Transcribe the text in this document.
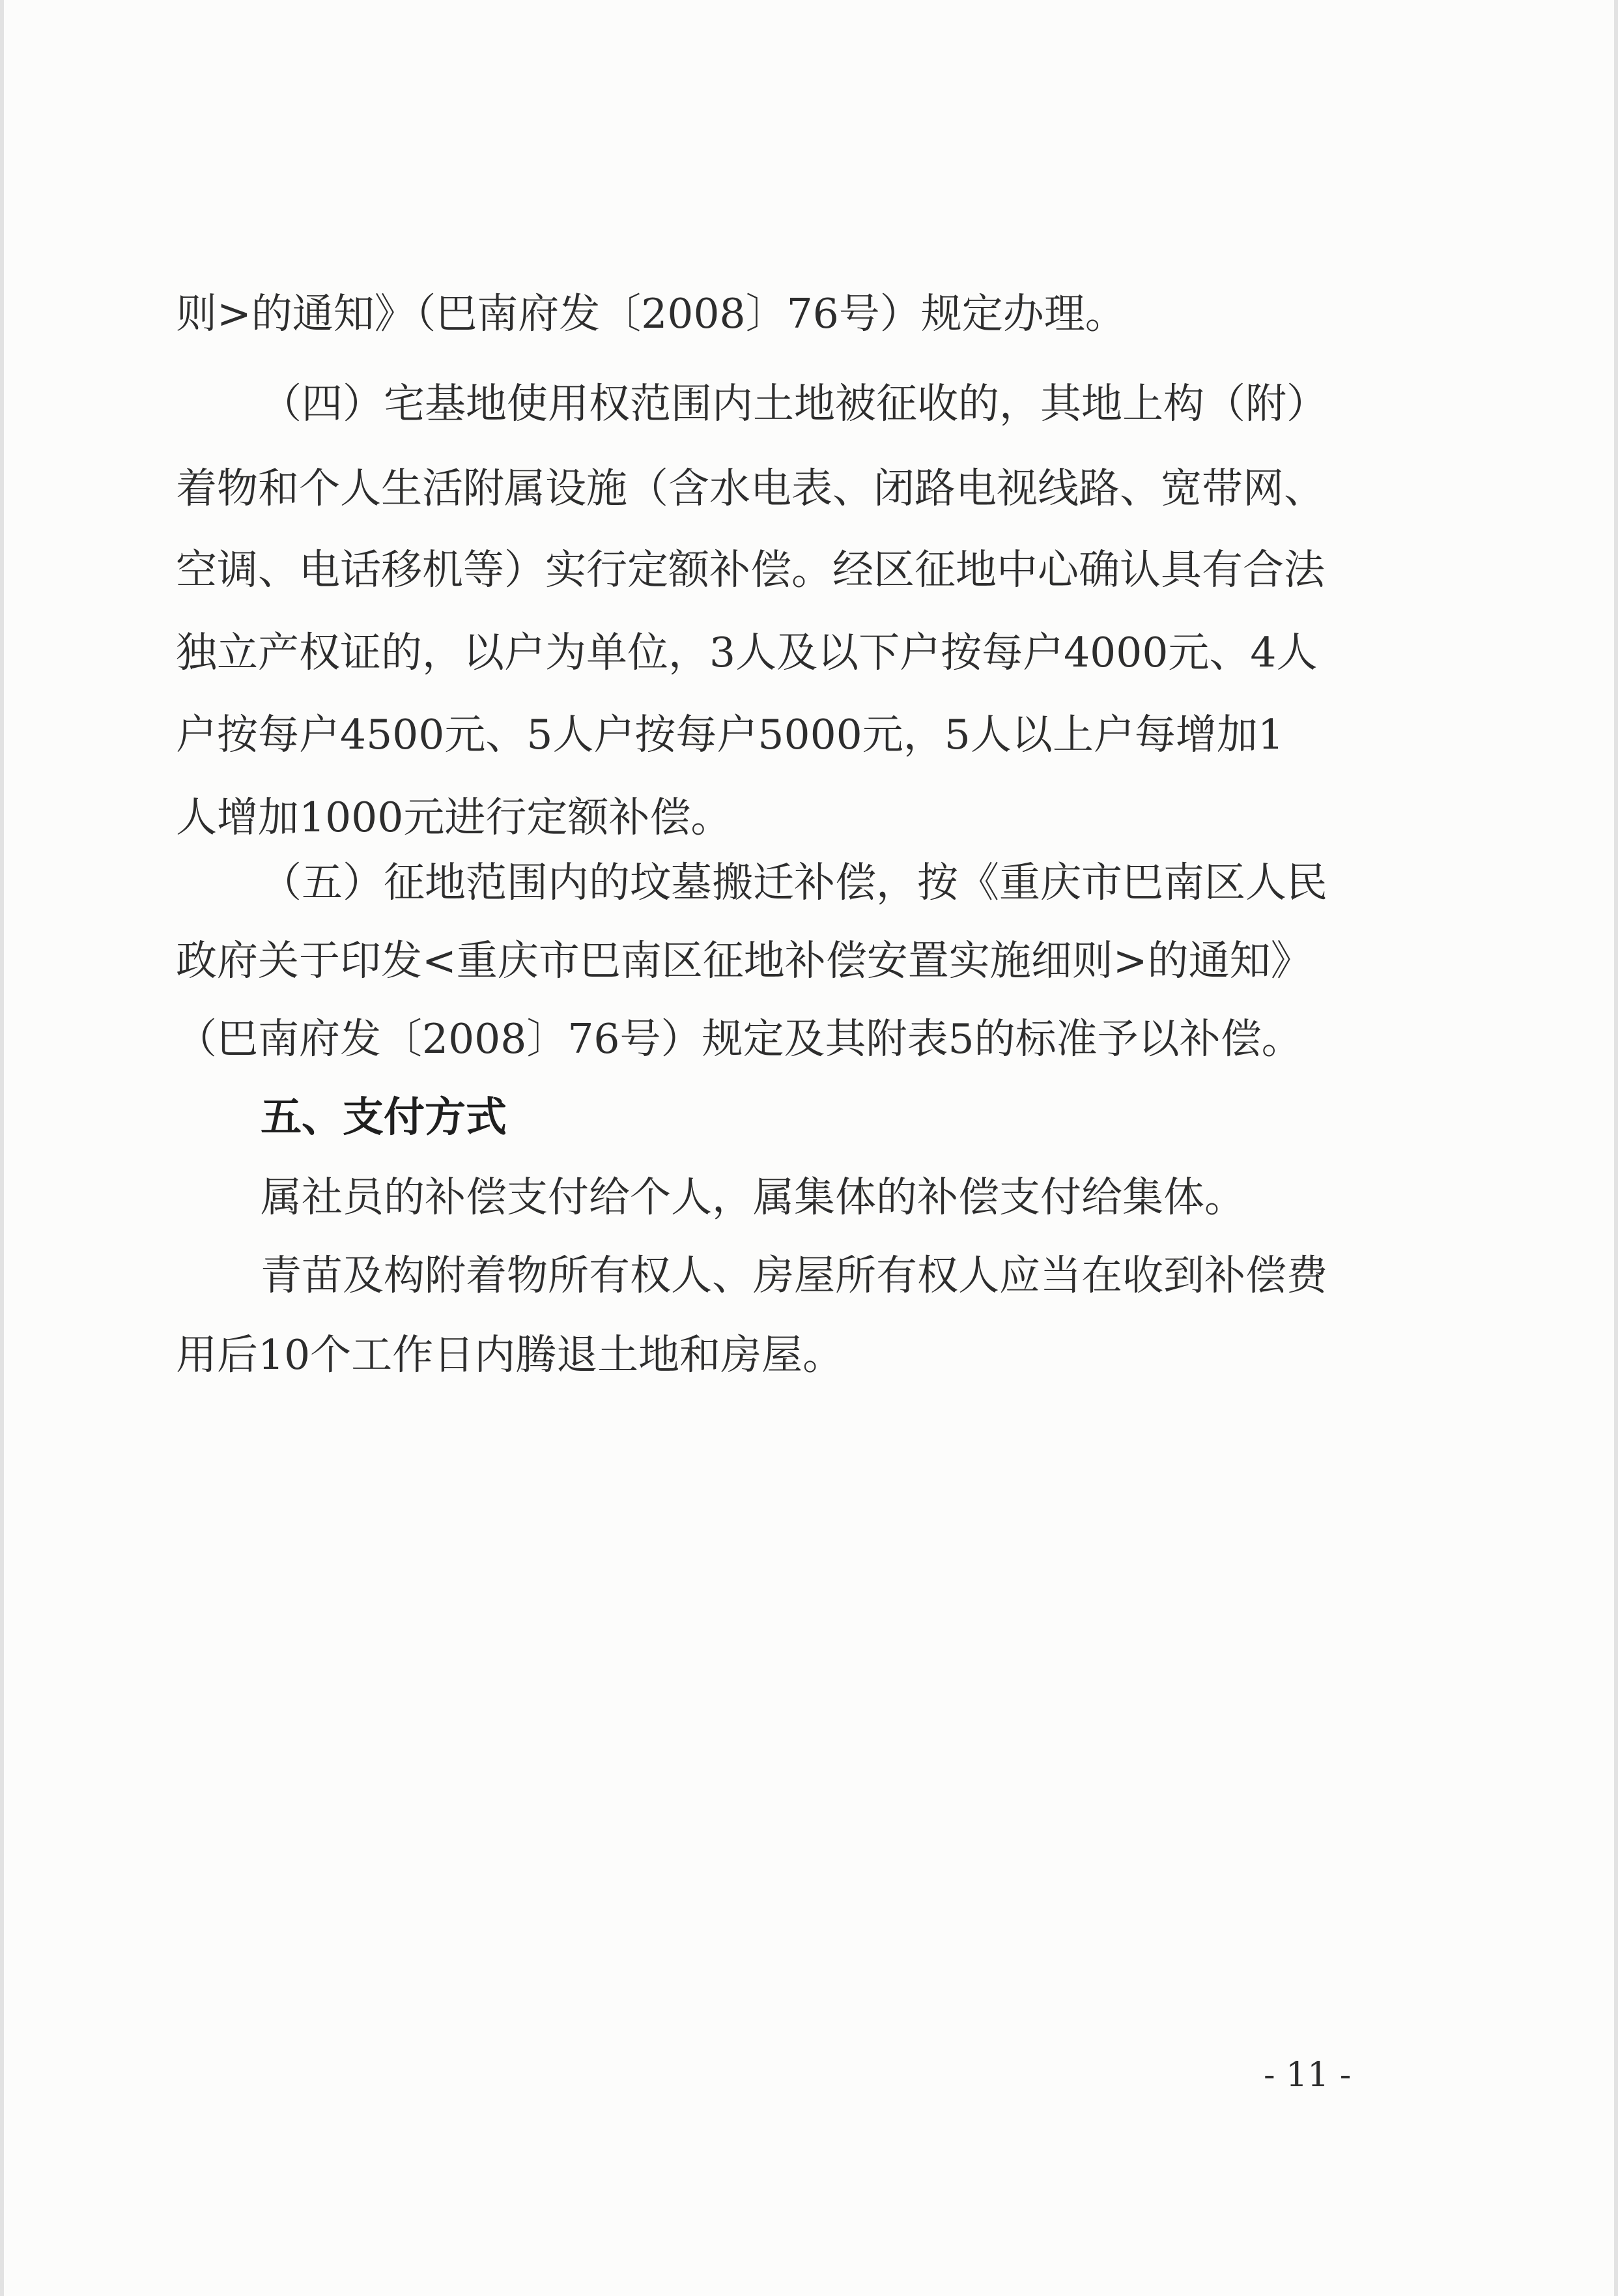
则>的通知》（巴南府发〔2008〕76号）规定办理。

（四）宅基地使用权范围内土地被征收的，其地上构（附）

着物和个人生活附属设施（含水电表、闭路电视线路、宽带网、

空调、电话移机等）实行定额补偿。经区征地中心确认具有合法

独立产权证的，以户为单位，3人及以下户按每户4000元、4人

户按每户4500元、5人户按每户5000元，5人以上户每增加1

人增加1000元进行定额补偿。

（五）征地范围内的坟墓搬迁补偿，按《重庆市巴南区人民

政府关于印发<重庆市巴南区征地补偿安置实施细则>的通知》

（巴南府发〔2008〕76号）规定及其附表5的标准予以补偿。

五、支付方式

属社员的补偿支付给个人，属集体的补偿支付给集体。

青苗及构附着物所有权人、房屋所有权人应当在收到补偿费

用后10个工作日内腾退土地和房屋。

- 11 -
